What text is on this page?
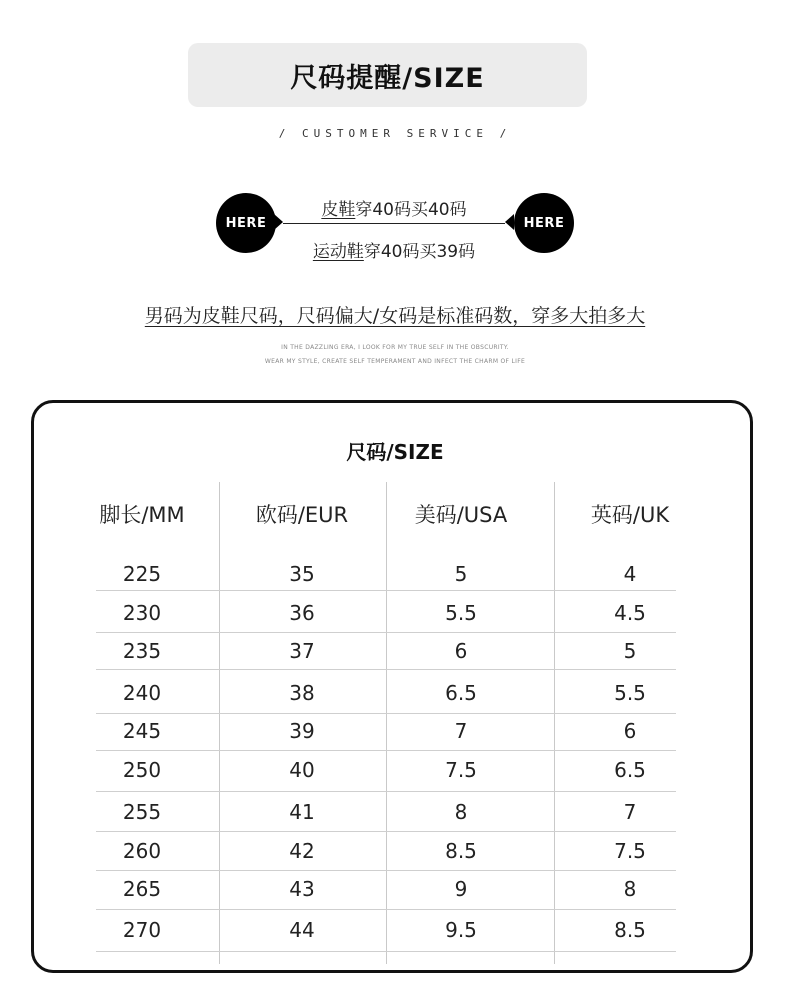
尺码提醒/SIZE
/ CUSTOMER SERVICE /
HERE	HERE
皮鞋穿40码买40码
运动鞋穿40码买39码
男码为皮鞋尺码，尺码偏大/女码是标准码数，穿多大拍多大
IN THE DAZZLING ERA, I LOOK FOR MY TRUE SELF IN THE OBSCURITY.
WEAR MY STYLE, CREATE SELF TEMPERAMENT AND INFECT THE CHARM OF LIFE
尺码/SIZE
脚长/MM	欧码/EUR	美码/USA	英码/UK
225	35	5	4
230	36	5.5	4.5
235	37	6	5
240	38	6.5	5.5
245	39	7	6
250	40	7.5	6.5
255	41	8	7
260	42	8.5	7.5
265	43	9	8
270	44	9.5	8.5
